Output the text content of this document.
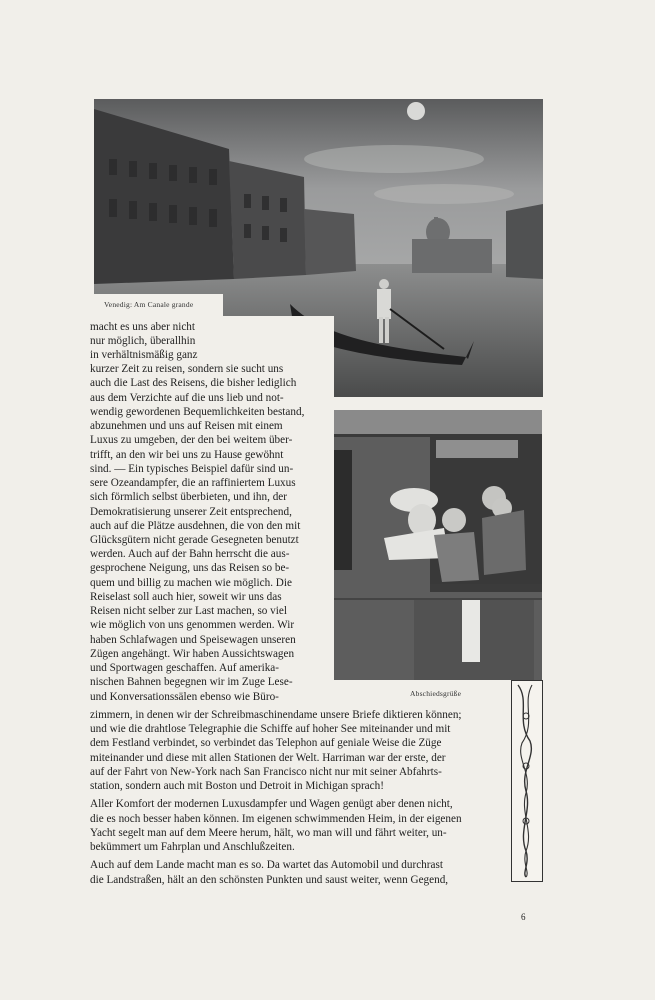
Venedig: Am Canale grande
Abschiedsgrüße
macht es uns aber nicht
nur möglich, überallhin
in verhältnismäßig ganz
kurzer Zeit zu reisen, sondern sie sucht uns
auch die Last des Reisens, die bisher lediglich
aus dem Verzichte auf die uns lieb und not-
wendig gewordenen Bequemlichkeiten bestand,
abzunehmen und uns auf Reisen mit einem
Luxus zu umgeben, der den bei weitem über-
trifft, an den wir bei uns zu Hause gewöhnt
sind. — Ein typisches Beispiel dafür sind un-
sere Ozeandampfer, die an raffiniertem Luxus
sich förmlich selbst überbieten, und ihn, der
Demokratisierung unserer Zeit entsprechend,
auch auf die Plätze ausdehnen, die von den mit
Glücksgütern nicht gerade Gesegneten benutzt
werden. Auch auf der Bahn herrscht die aus-
gesprochene Neigung, uns das Reisen so be-
quem und billig zu machen wie möglich. Die
Reiselast soll auch hier, soweit wir uns das
Reisen nicht selber zur Last machen, so viel
wie möglich von uns genommen werden. Wir
haben Schlafwagen und Speisewagen unseren
Zügen angehängt. Wir haben Aussichtswagen
und Sportwagen geschaffen. Auf amerika-
nischen Bahnen begegnen wir im Zuge Lese-
und Konversationssälen ebenso wie Büro-
zimmern, in denen wir der Schreibmaschinendame unsere Briefe diktieren können;
und wie die drahtlose Telegraphie die Schiffe auf hoher See miteinander und mit
dem Festland verbindet, so verbindet das Telephon auf geniale Weise die Züge
miteinander und diese mit allen Stationen der Welt. Harriman war der erste, der
auf der Fahrt von New-York nach San Francisco nicht nur mit seiner Abfahrts-
station, sondern auch mit Boston und Detroit in Michigan sprach!
Aller Komfort der modernen Luxusdampfer und Wagen genügt aber denen nicht,
die es noch besser haben können. Im eigenen schwimmenden Heim, in der eigenen
Yacht segelt man auf dem Meere herum, hält, wo man will und fährt weiter, un-
bekümmert um Fahrplan und Anschlußzeiten.
Auch auf dem Lande macht man es so. Da wartet das Automobil und durchrast
die Landstraßen, hält an den schönsten Punkten und saust weiter, wenn Gegend,
6
